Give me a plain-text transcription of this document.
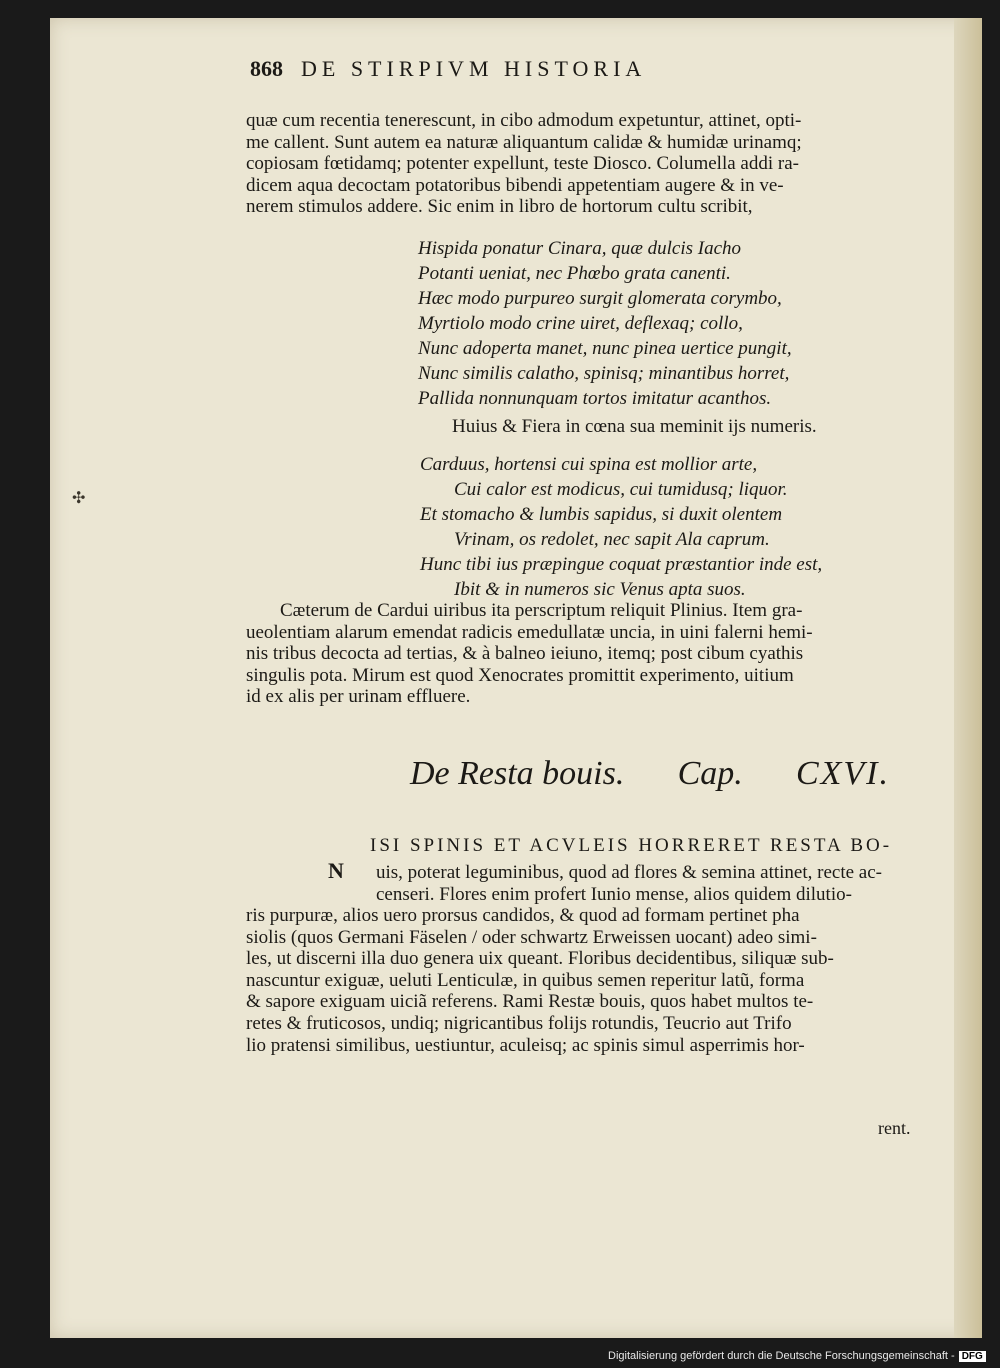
868 DE STIRPIVM HISTORIA
quæ cum recentia tenerescunt, in cibo admodum expetuntur, attinet, opti-
me callent. Sunt autem ea naturæ aliquantum calidæ & humidæ urinamq;
copiosam fœtidamq; potenter expellunt, teste Diosco. Columella addi ra-
dicem aqua decoctam potatoribus bibendi appetentiam augere & in ve-
nerem stimulos addere. Sic enim in libro de hortorum cultu scribit,
Hispida ponatur Cinara, quæ dulcis Iacho
Potanti ueniat, nec Phœbo grata canenti.
Hæc modo purpureo surgit glomerata corymbo,
Myrtiolo modo crine uiret, deflexaq; collo,
Nunc adoperta manet, nunc pinea uertice pungit,
Nunc similis calatho, spinisq; minantibus horret,
Pallida nonnunquam tortos imitatur acanthos.
Huius & Fiera in cœna sua meminit ijs numeris.
✣
Carduus, hortensi cui spina est mollior arte,
Cui calor est modicus, cui tumidusq; liquor.
Et stomacho & lumbis sapidus, si duxit olentem
Vrinam, os redolet, nec sapit Ala caprum.
Hunc tibi ius præpingue coquat præstantior inde est,
Ibit & in numeros sic Venus apta suos.
Cæterum de Cardui uiribus ita perscriptum reliquit Plinius. Item gra-
ueolentiam alarum emendat radicis emedullatæ uncia, in uini falerni hemi-
nis tribus decocta ad tertias, & à balneo ieiuno, itemq; post cibum cyathis
singulis pota. Mirum est quod Xenocrates promittit experimento, uitium
id ex alis per urinam effluere.
De Resta bouis. Cap. CXVI.
ISI SPINIS ET ACVLEIS HORRERET RESTA BO-
N uis, poterat leguminibus, quod ad flores & semina attinet, recte ac-
censeri. Flores enim profert Iunio mense, alios quidem dilutio-
ris purpuræ, alios uero prorsus candidos, & quod ad formam pertinet pha
siolis (quos Germani Fäselen / oder schwartz Erweissen uocant) adeo simi-
les, ut discerni illa duo genera uix queant. Floribus decidentibus, siliquæ sub-
nascuntur exiguæ, ueluti Lenticulæ, in quibus semen reperitur latũ, forma
& sapore exiguam uiciã referens. Rami Restæ bouis, quos habet multos te-
retes & fruticosos, undiq; nigricantibus folijs rotundis, Teucrio aut Trifo
lio pratensi similibus, uestiuntur, aculeisq; ac spinis simul asperrimis hor-
rent.
Digitalisierung gefördert durch die Deutsche Forschungsgemeinschaft - DFG
